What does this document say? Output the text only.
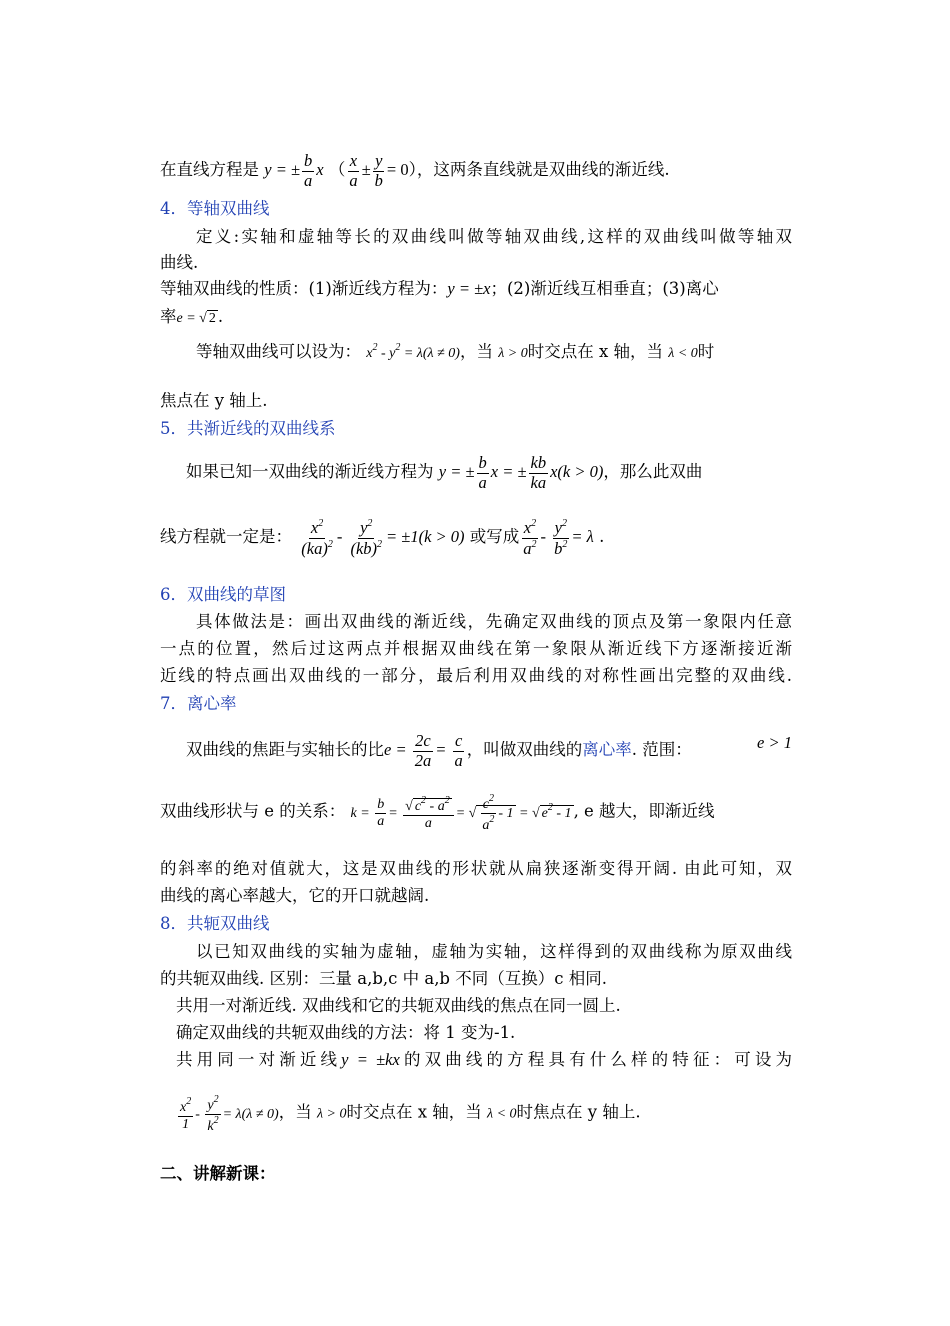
在直线方程是 y = ± $\frac{b}{a}$ x （ $\frac{x}{a} \pm \frac{y}{b} = 0$），这两条直线就是双曲线的渐近线.
4．等轴双曲线
定义:实轴和虚轴等长的双曲线叫做等轴双曲线,这样的双曲线叫做等轴双
曲线.
等轴双曲线的性质：(1)渐近线方程为：y = ±x；(2)渐近线互相垂直；(3)离心
率e = √ 2 .
等轴双曲线可以设为： $x^2 - y^2 = \lambda(\lambda \ne 0)$，当 λ > 0时交点在 x 轴，当 λ < 0时
焦点在 y 轴上.
5．共渐近线的双曲线系
如果已知一双曲线的渐近线方程为 y = ± $\frac{b}{a}$ x = ± $\frac{kb}{ka} x(k > 0)$，那么此双曲
线方程就一定是： $\frac{x^2}{(ka)^2} - \frac{y^2}{(kb)^2} = \pm 1(k > 0)$ 或写成 $\frac{x^2}{a^2} - \frac{y^2}{b^2} = \lambda$ .
6．双曲线的草图
具体做法是：画出双曲线的渐近线，先确定双曲线的顶点及第一象限内任意
一点的位置，然后过这两点并根据双曲线在第一象限从渐近线下方逐渐接近渐
近线的特点画出双曲线的一部分，最后利用双曲线的对称性画出完整的双曲线.
7．离心率
双曲线的焦距与实轴长的比$e = \frac{2c}{2a} = \frac{c}{a}$ ，叫做双曲线的离心率. 范围：	e > 1
双曲线形状与 e 的关系： $k = \frac{b}{a} = \frac{√ c^2 - a^2}{a}$ = √ $\frac{c^2}{a^2} - 1$ = √ $e^2 - 1$ , e 越大，即渐近线
的斜率的绝对值就大，这是双曲线的形状就从扁狭逐渐变得开阔. 由此可知，双
曲线的离心率越大，它的开口就越阔.
8．共轭双曲线
以已知双曲线的实轴为虚轴，虚轴为实轴，这样得到的双曲线称为原双曲线
的共轭双曲线. 区别：三量 a,b,c 中 a,b 不同（互换）c 相同.
共用一对渐近线. 双曲线和它的共轭双曲线的焦点在同一圆上.
确定双曲线的共轭双曲线的方法：将 1 变为-1.
共用同一对渐近线y = ±kx的双曲线的方程具有什么样的特征：可设为
$\frac{x^2}{1} - \frac{y^2}{k^2} = \lambda(\lambda \ne 0)$，当 λ > 0时交点在 x 轴，当 λ < 0时焦点在 y 轴上.
二、讲解新课：
